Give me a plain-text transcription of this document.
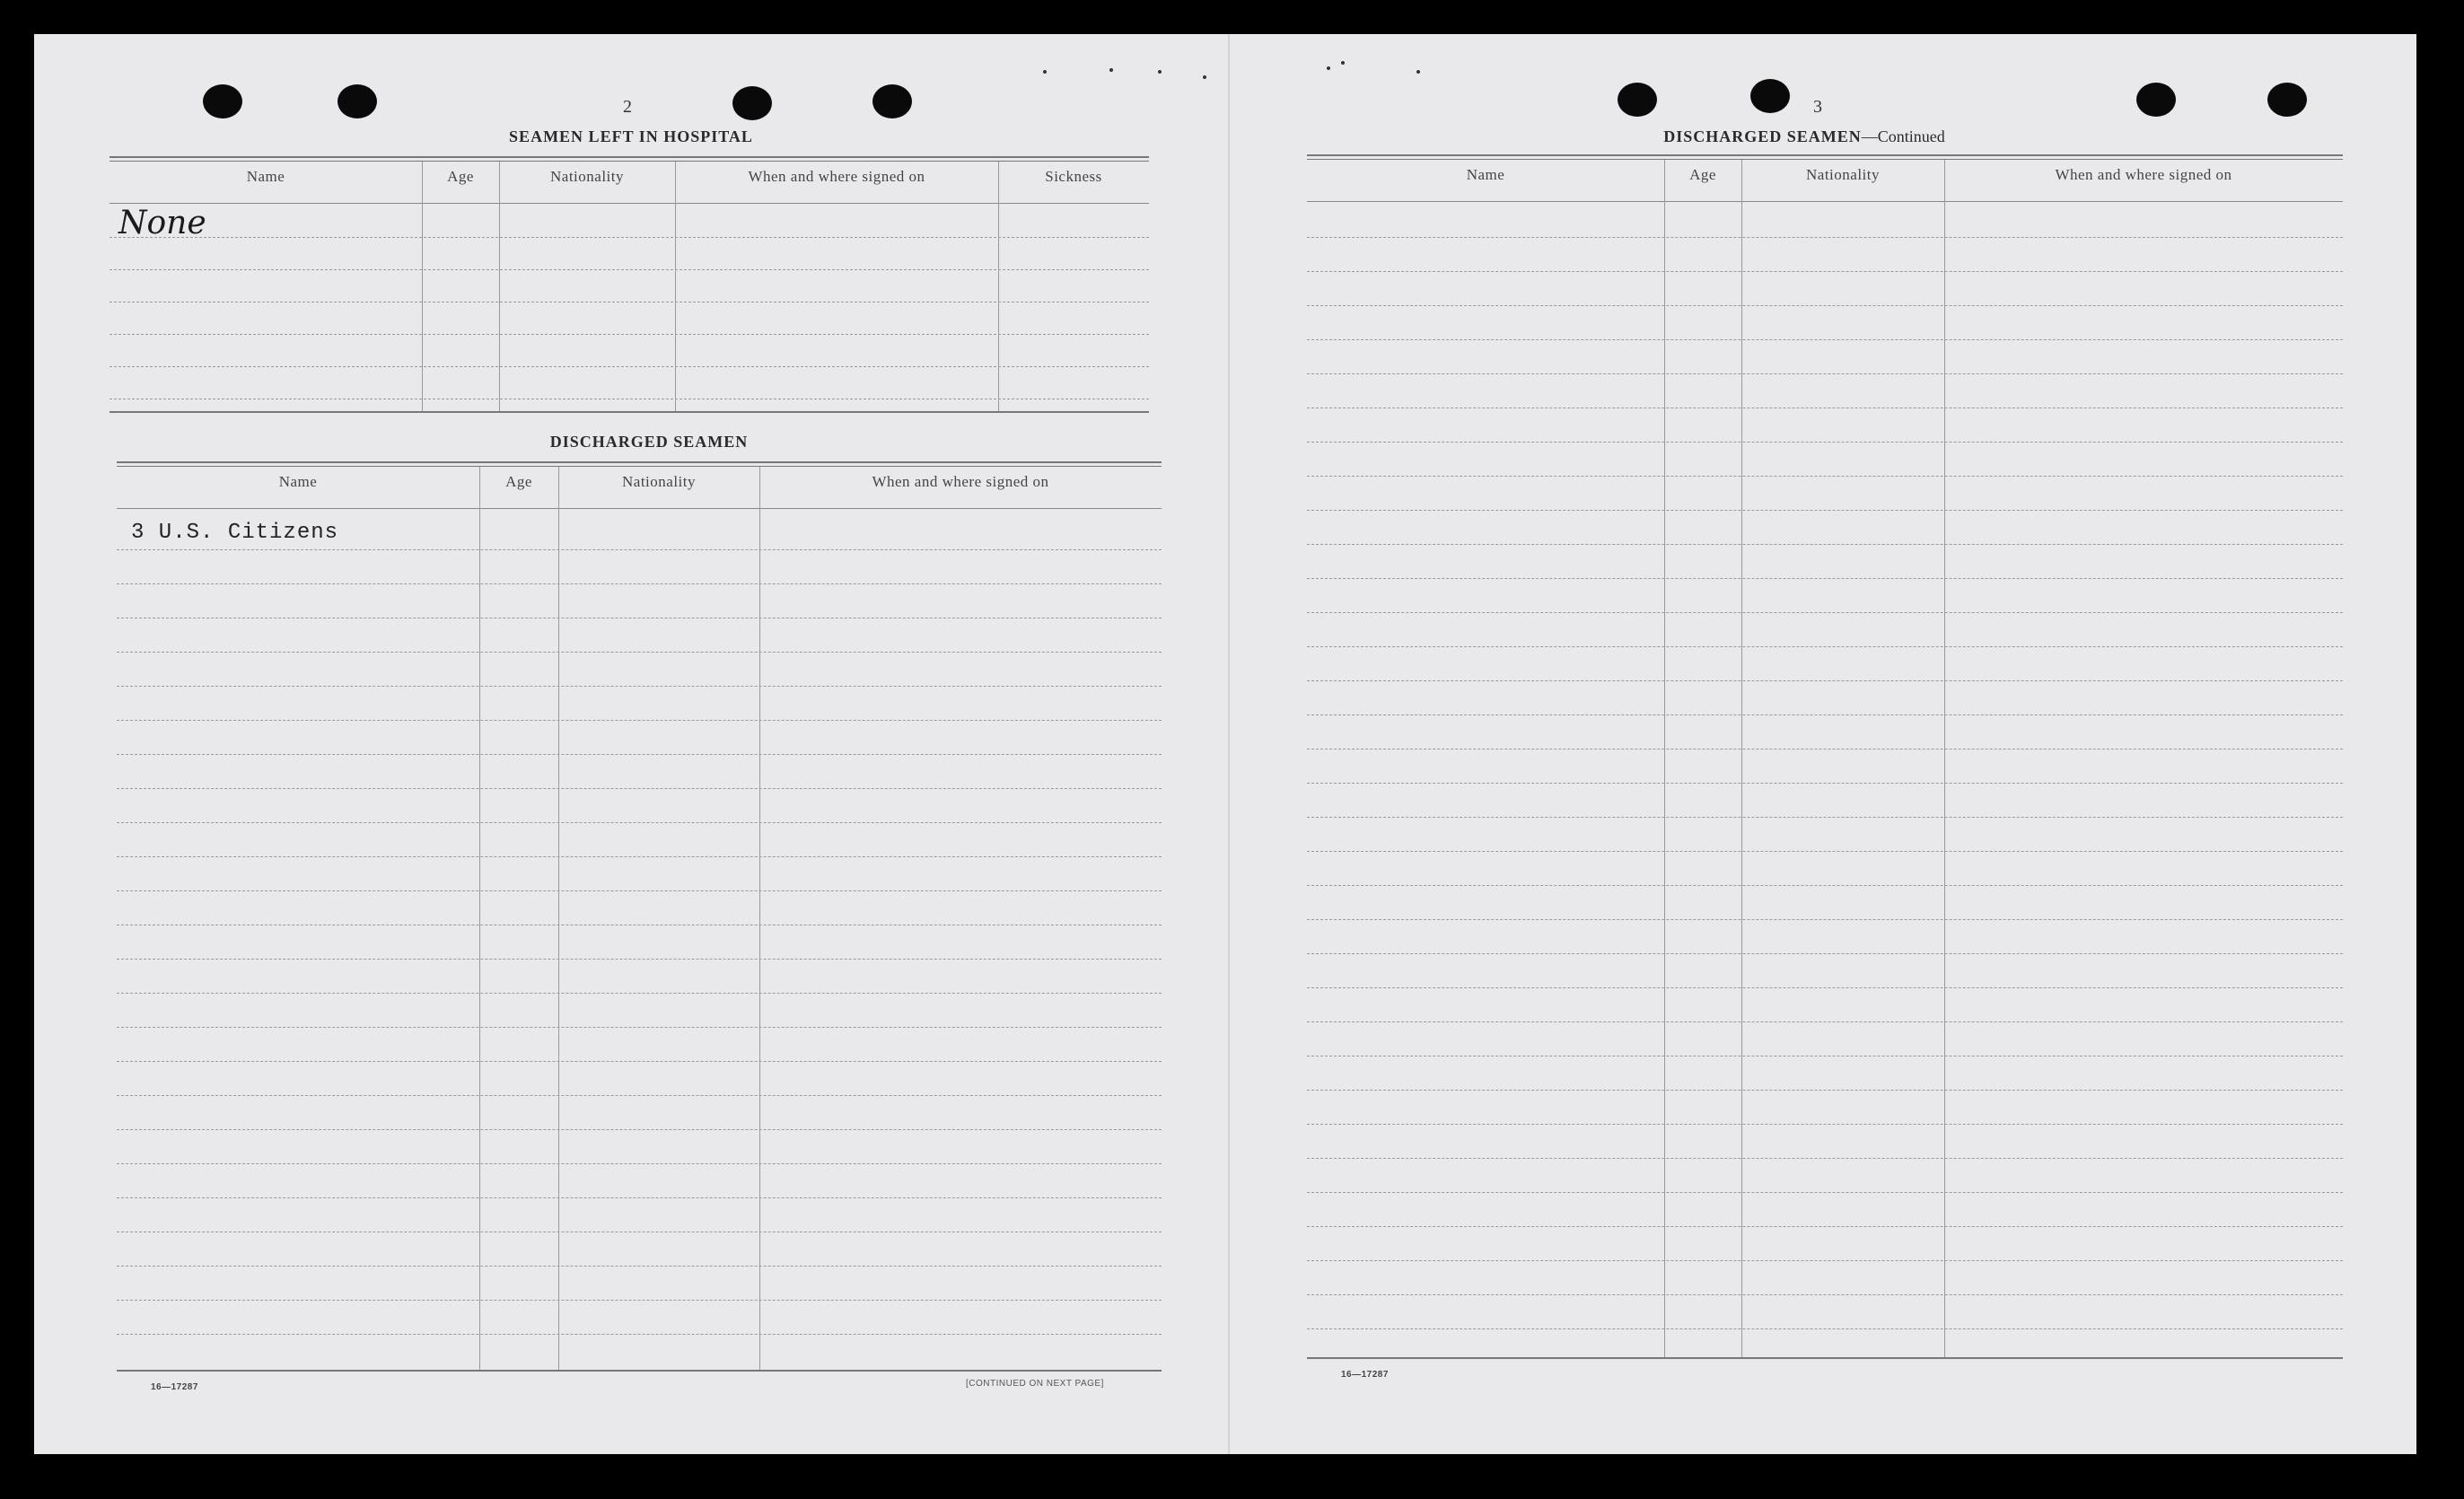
2
SEAMEN LEFT IN HOSPITAL
Name	Age	Nationality	When and where signed on	Sickness
None
DISCHARGED SEAMEN
Name	Age	Nationality	When and where signed on
3 U.S. Citizens
16—17287	[CONTINUED ON NEXT PAGE]
3
DISCHARGED SEAMEN—Continued
Name	Age	Nationality	When and where signed on
16—17287
